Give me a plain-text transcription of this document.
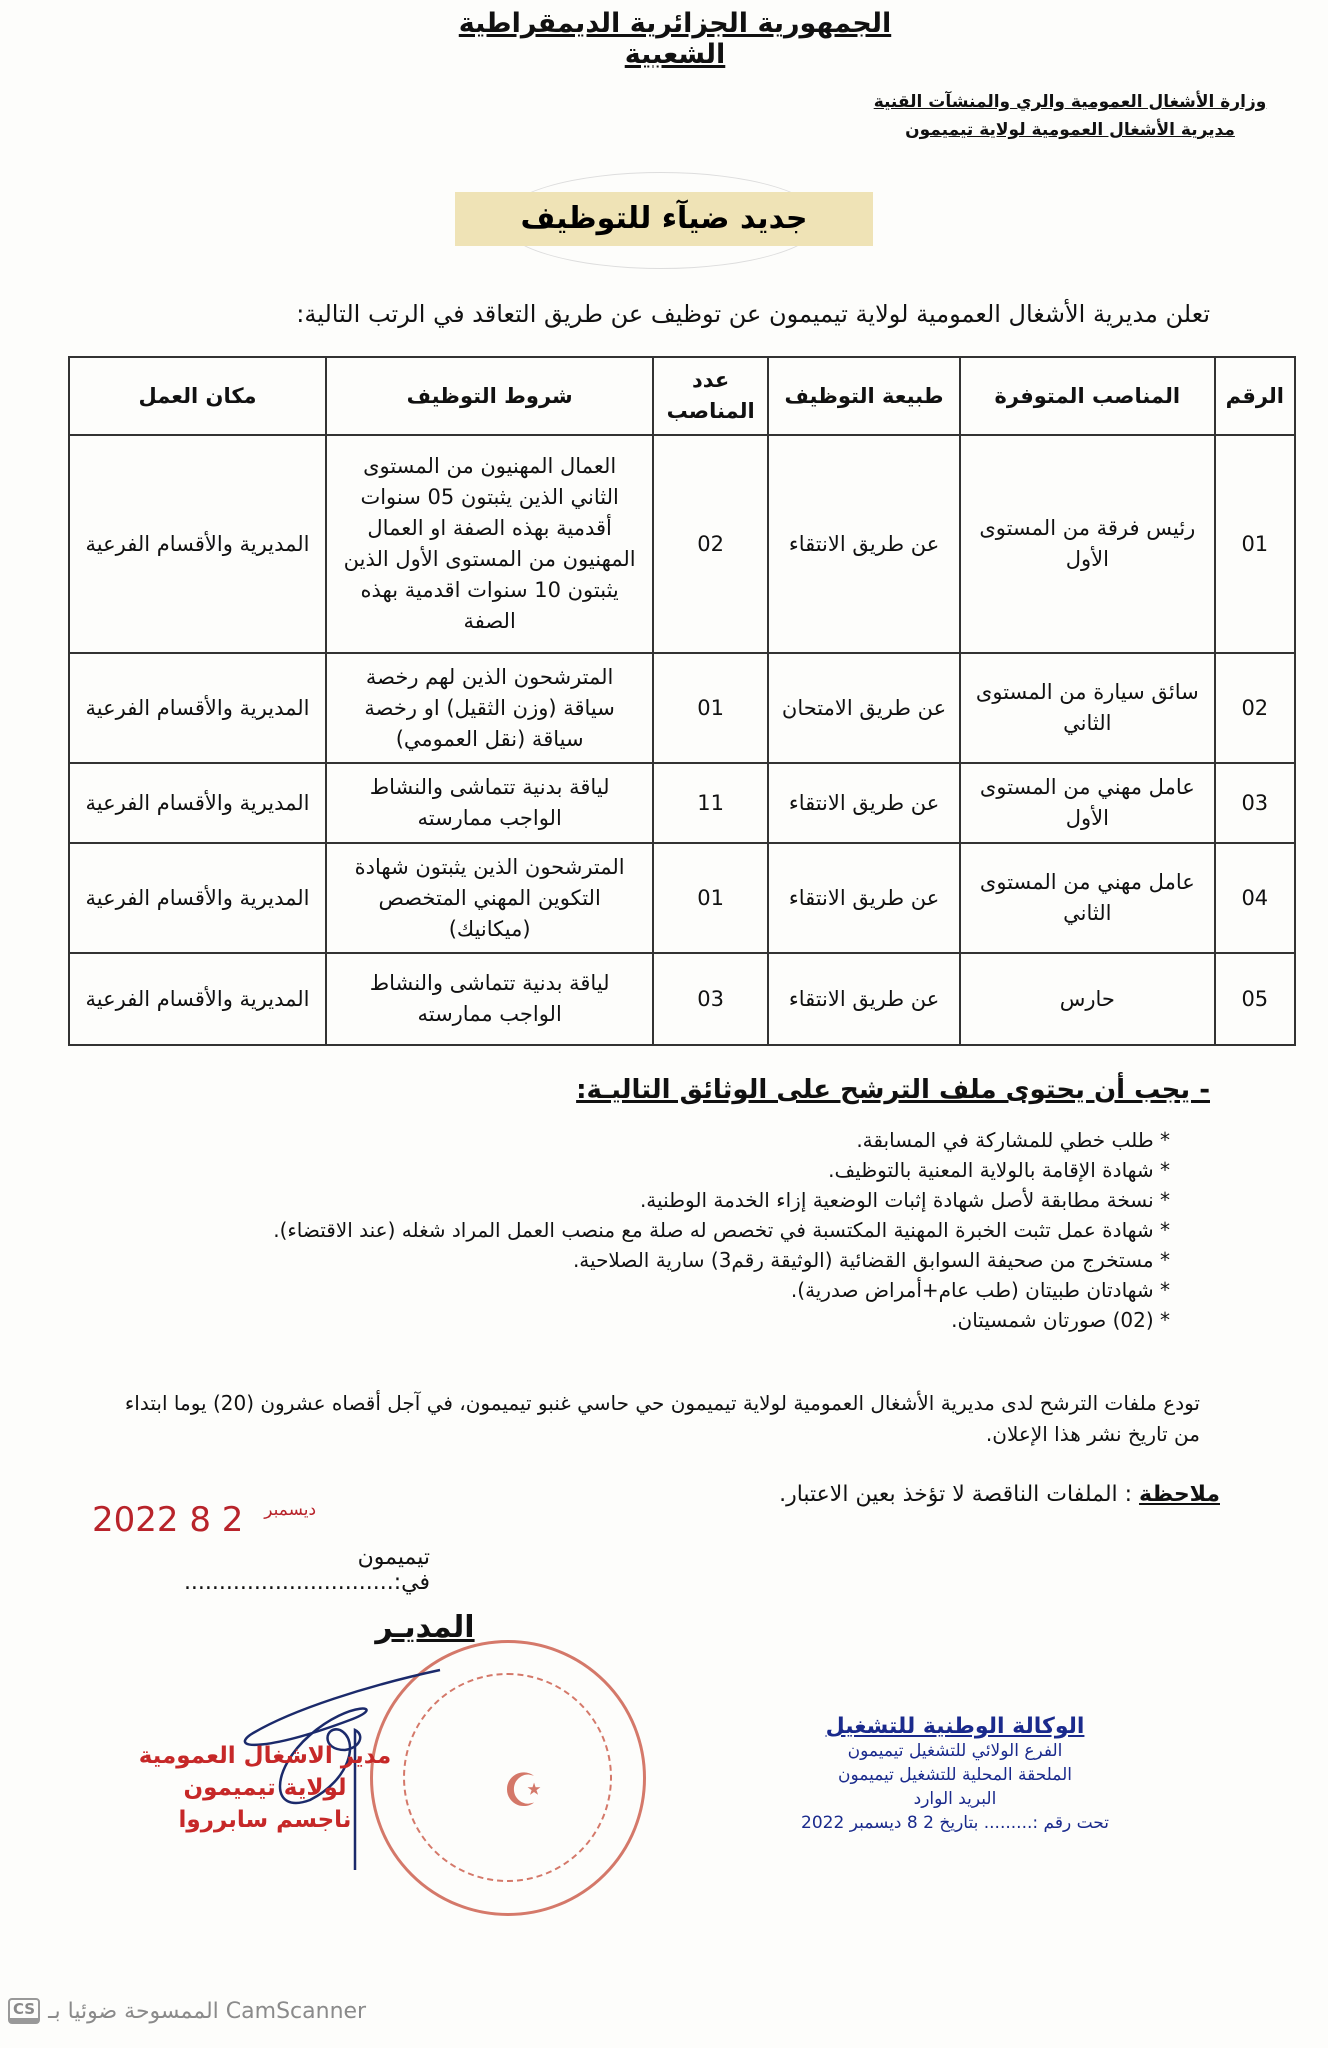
الجمهورية الجزائرية الديمقراطية الشعبية
وزارة الأشغال العمومية والري والمنشآت القنية
مديرية الأشغال العمومية لولاية تيميمون
جديد ضيآء للتوظيف
تعلن مديرية الأشغال العمومية لولاية تيميمون عن توظيف عن طريق التعاقد في الرتب التالية:
الرقم	المناصب المتوفرة	طبيعة التوظيف	عدد المناصب	شروط التوظيف	مكان العمل
01	رئيس فرقة من المستوى الأول	عن طريق الانتقاء	02	العمال المهنيون من المستوى الثاني الذين يثبتون 05 سنوات أقدمية بهذه الصفة او العمال المهنيون من المستوى الأول الذين يثبتون 10 سنوات اقدمية بهذه الصفة	المديرية والأقسام الفرعية
02	سائق سيارة من المستوى الثاني	عن طريق الامتحان	01	المترشحون الذين لهم رخصة سياقة (وزن الثقيل) او رخصة سياقة (نقل العمومي)	المديرية والأقسام الفرعية
03	عامل مهني من المستوى الأول	عن طريق الانتقاء	11	لياقة بدنية تتماشى والنشاط الواجب ممارسته	المديرية والأقسام الفرعية
04	عامل مهني من المستوى الثاني	عن طريق الانتقاء	01	المترشحون الذين يثبتون شهادة التكوين المهني المتخصص (ميكانيك)	المديرية والأقسام الفرعية
05	حارس	عن طريق الانتقاء	03	لياقة بدنية تتماشى والنشاط الواجب ممارسته	المديرية والأقسام الفرعية
- يجب أن يحتوى ملف الترشح على الوثائق التاليـة:
* طلب خطي للمشاركة في المسابقة.
* شهادة الإقامة بالولاية المعنية بالتوظيف.
* نسخة مطابقة لأصل شهادة إثبات الوضعية إزاء الخدمة الوطنية.
* شهادة عمل تثبت الخبرة المهنية المكتسبة في تخصص له صلة مع منصب العمل المراد شغله (عند الاقتضاء).
* مستخرج من صحيفة السوابق القضائية (الوثيقة رقم3) سارية الصلاحية.
* شهادتان طبيتان (طب عام+أمراض صدرية).
* (02) صورتان شمسيتان.
تودع ملفات الترشح لدى مديرية الأشغال العمومية لولاية تيميمون حي حاسي غنبو تيميمون، في آجل أقصاه عشرون (20) يوما ابتداء من تاريخ نشر هذا الإعلان.
ملاحظة : الملفات الناقصة لا تؤخذ بعين الاعتبار.
2022	$^{ديسمبر}$ 2 8
تيميمون في:..............................
☪
المديـر
مدير الاشغال العمومية
لولاية تيميمون
ناجسم سابرروا
الوكالة الوطنية للتشغيل
الفرع الولائي للتشغيل تيميمون
الملحقة المحلية للتشغيل تيميمون
البريد الوارد
تحت رقم :......... بتاريخ 2 8 ديسمبر 2022
CS الممسوحة ضوئيا بـ CamScanner
